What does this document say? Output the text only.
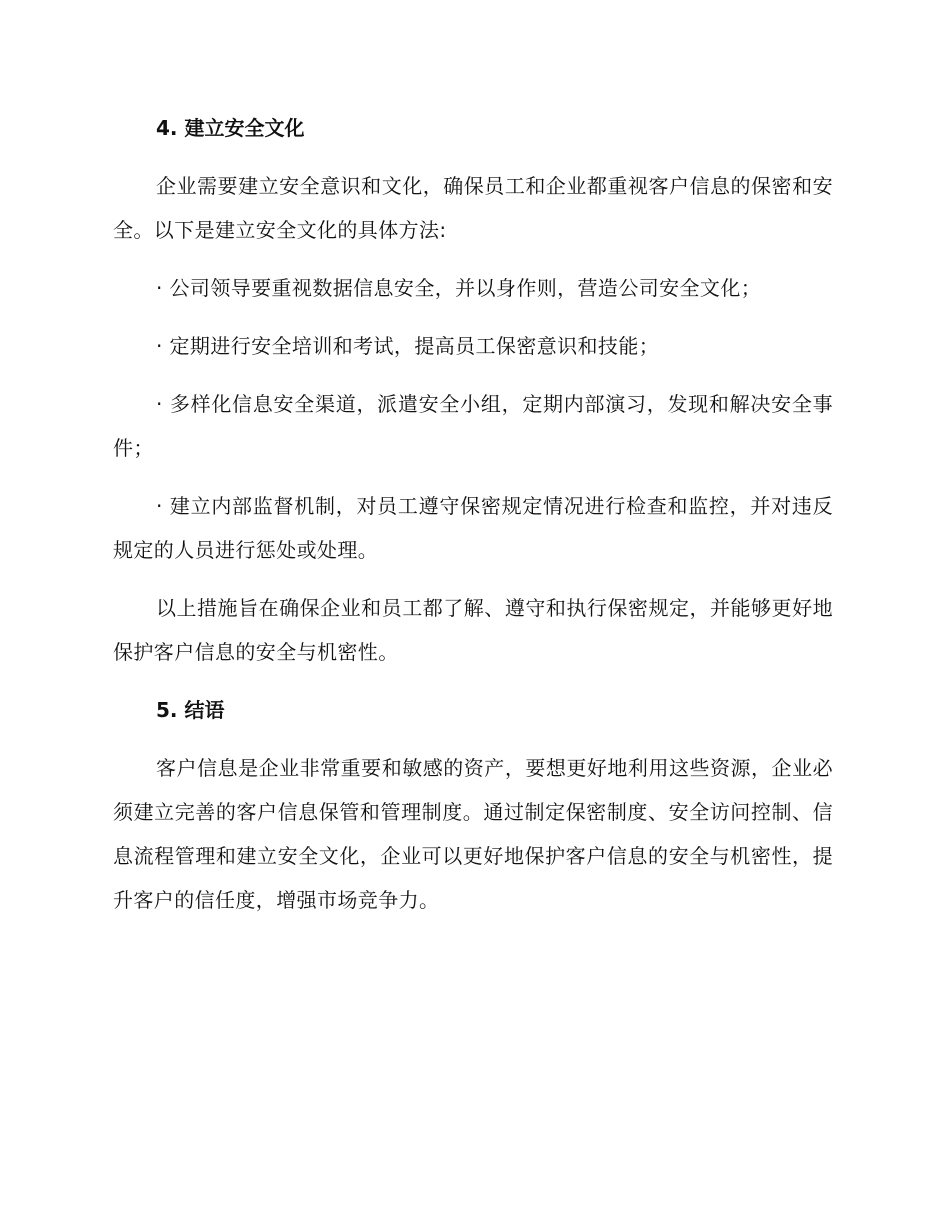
4. 建立安全文化

企业需要建立安全意识和文化，确保员工和企业都重视客户信息的保密和安全。以下是建立安全文化的具体方法:

· 公司领导要重视数据信息安全，并以身作则，营造公司安全文化；

· 定期进行安全培训和考试，提高员工保密意识和技能；

· 多样化信息安全渠道，派遣安全小组，定期内部演习，发现和解决安全事件；

· 建立内部监督机制，对员工遵守保密规定情况进行检查和监控，并对违反规定的人员进行惩处或处理。

以上措施旨在确保企业和员工都了解、遵守和执行保密规定，并能够更好地保护客户信息的安全与机密性。

5. 结语

客户信息是企业非常重要和敏感的资产，要想更好地利用这些资源，企业必须建立完善的客户信息保管和管理制度。通过制定保密制度、安全访问控制、信息流程管理和建立安全文化，企业可以更好地保护客户信息的安全与机密性，提升客户的信任度，增强市场竞争力。
